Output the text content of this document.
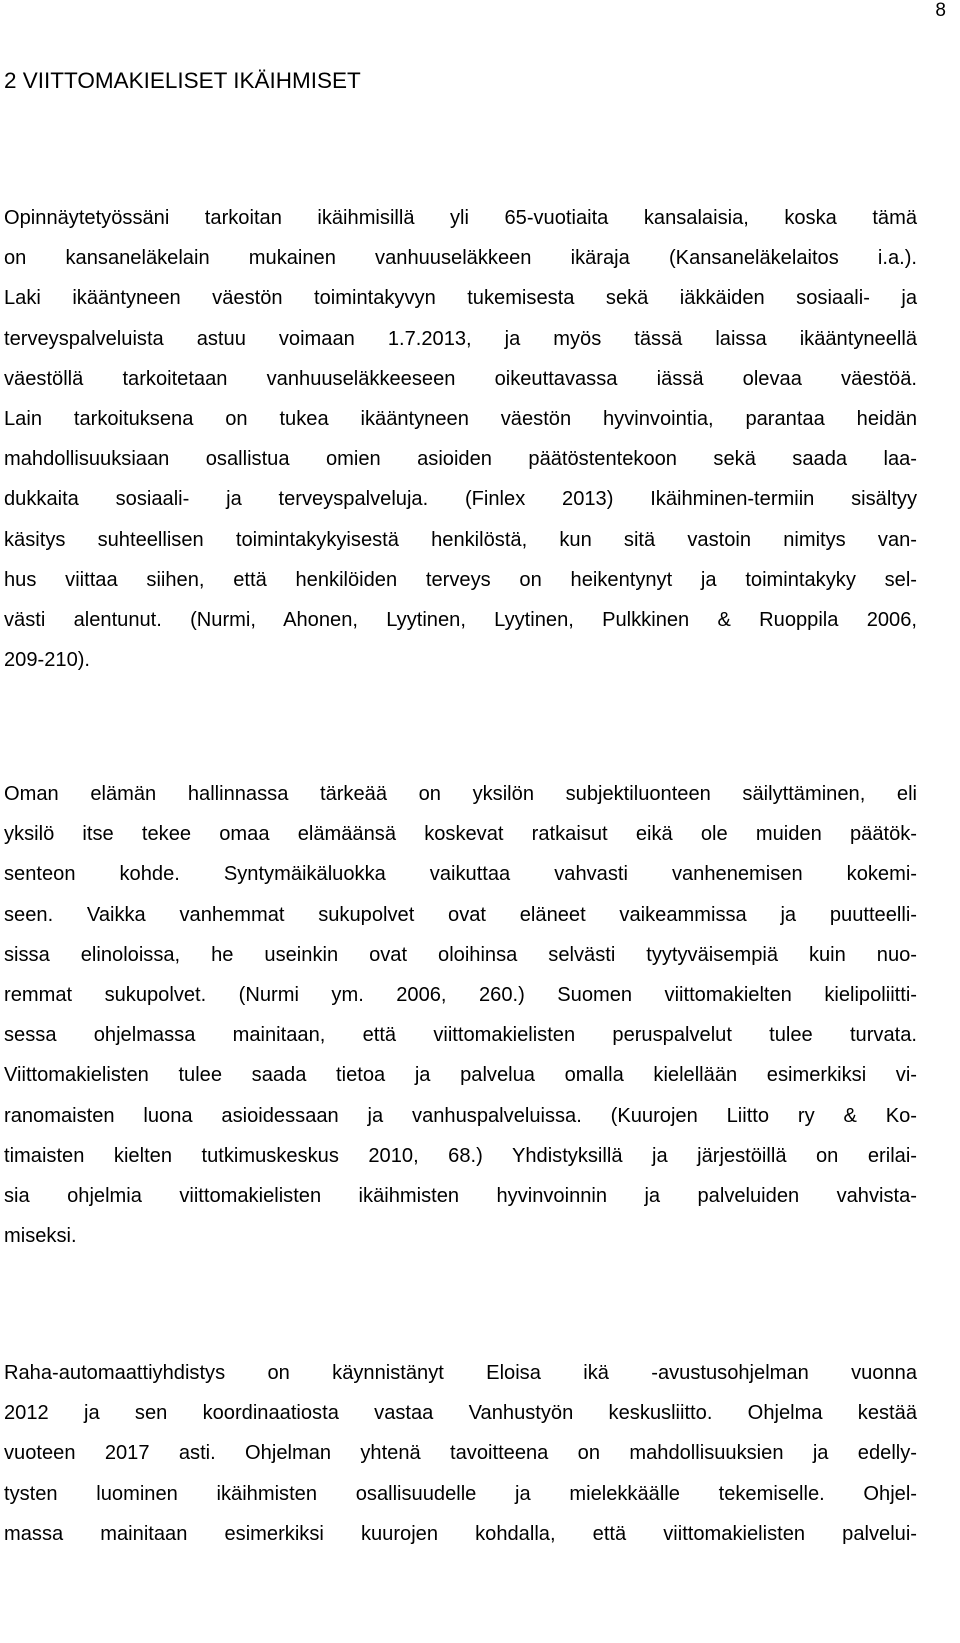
8
2 VIITTOMAKIELISET IKÄIHMISET
Opinnäytetyössäni tarkoitan ikäihmisillä yli 65-vuotiaita kansalaisia, koska tämä
on kansaneläkelain mukainen vanhuuseläkkeen ikäraja (Kansaneläkelaitos i.a.).
Laki ikääntyneen väestön toimintakyvyn tukemisesta sekä iäkkäiden sosiaali- ja
terveyspalveluista astuu voimaan 1.7.2013, ja myös tässä laissa ikääntyneellä
väestöllä tarkoitetaan vanhuuseläkkeeseen oikeuttavassa iässä olevaa väestöä.
Lain tarkoituksena on tukea ikääntyneen väestön hyvinvointia, parantaa heidän
mahdollisuuksiaan osallistua omien asioiden päätöstentekoon sekä saada laa-
dukkaita sosiaali- ja terveyspalveluja. (Finlex 2013) Ikäihminen-termiin sisältyy
käsitys suhteellisen toimintakykyisestä henkilöstä, kun sitä vastoin nimitys van-
hus viittaa siihen, että henkilöiden terveys on heikentynyt ja toimintakyky sel-
västi alentunut. (Nurmi, Ahonen, Lyytinen, Lyytinen, Pulkkinen & Ruoppila 2006,
209-210).
Oman elämän hallinnassa tärkeää on yksilön subjektiluonteen säilyttäminen, eli
yksilö itse tekee omaa elämäänsä koskevat ratkaisut eikä ole muiden päätök-
senteon kohde. Syntymäikäluokka vaikuttaa vahvasti vanhenemisen kokemi-
seen. Vaikka vanhemmat sukupolvet ovat eläneet vaikeammissa ja puutteelli-
sissa elinoloissa, he useinkin ovat oloihinsa selvästi tyytyväisempiä kuin nuo-
remmat sukupolvet. (Nurmi ym. 2006, 260.) Suomen viittomakielten kielipoliitti-
sessa ohjelmassa mainitaan, että viittomakielisten peruspalvelut tulee turvata.
Viittomakielisten tulee saada tietoa ja palvelua omalla kielellään esimerkiksi vi-
ranomaisten luona asioidessaan ja vanhuspalveluissa. (Kuurojen Liitto ry & Ko-
timaisten kielten tutkimuskeskus 2010, 68.) Yhdistyksillä ja järjestöillä on erilai-
sia ohjelmia viittomakielisten ikäihmisten hyvinvoinnin ja palveluiden vahvista-
miseksi.
Raha-automaattiyhdistys on käynnistänyt Eloisa ikä -avustusohjelman vuonna
2012 ja sen koordinaatiosta vastaa Vanhustyön keskusliitto. Ohjelma kestää
vuoteen 2017 asti. Ohjelman yhtenä tavoitteena on mahdollisuuksien ja edelly-
tysten luominen ikäihmisten osallisuudelle ja mielekkäälle tekemiselle. Ohjel-
massa mainitaan esimerkiksi kuurojen kohdalla, että viittomakielisten palvelui-
